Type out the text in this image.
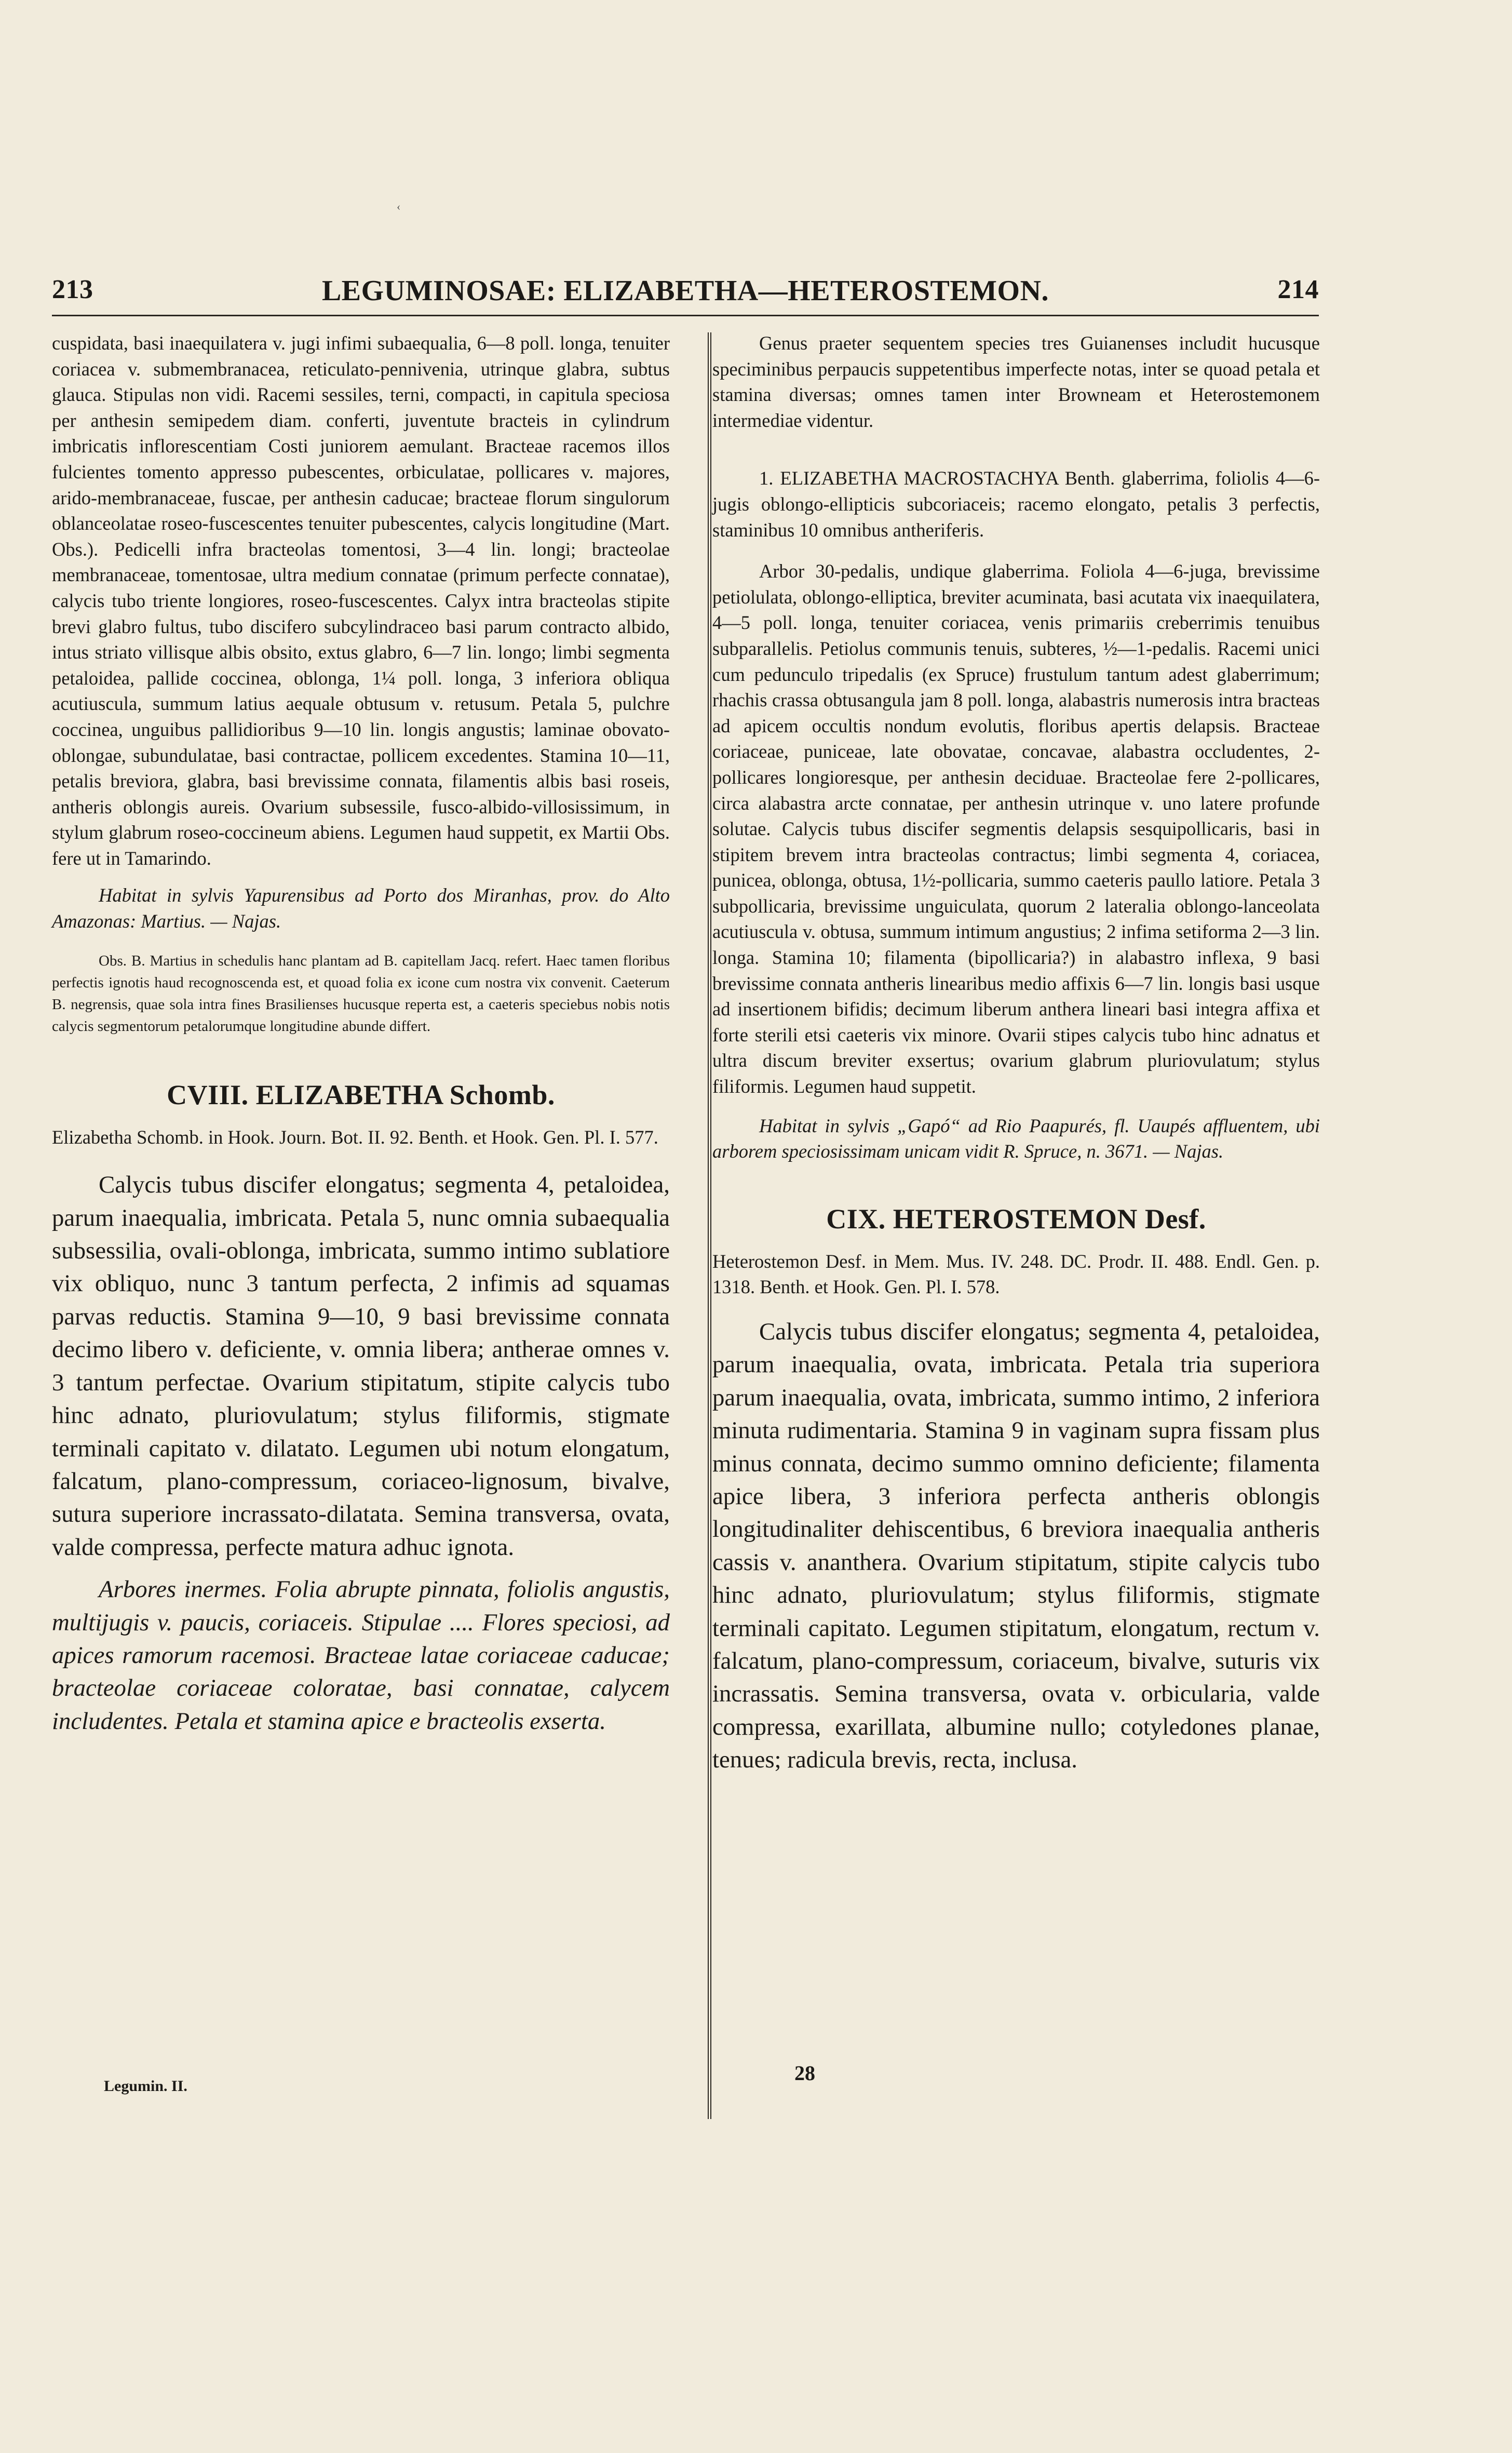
‹
213	LEGUMINOSAE: ELIZABETHA—HETEROSTEMON.	214

cuspidata, basi inaequilatera v. jugi infimi subaequalia, 6—8 poll. longa, tenuiter coriacea v. submembranacea, reticulato-pennivenia, utrinque glabra, subtus glauca. Stipulas non vidi. Racemi sessiles, terni, compacti, in capitula speciosa per anthesin semipedem diam. conferti, juventute bracteis in cylindrum imbricatis inflorescentiam Costi juniorem aemulant. Bracteae racemos illos fulcientes tomento appresso pubescentes, orbiculatae, pollicares v. majores, arido-membranaceae, fuscae, per anthesin caducae; bracteae florum singulorum oblanceolatae roseo-fuscescentes tenuiter pubescentes, calycis longitudine (Mart. Obs.). Pedicelli infra bracteolas tomentosi, 3—4 lin. longi; bracteolae membranaceae, tomentosae, ultra medium connatae (primum perfecte connatae), calycis tubo triente longiores, roseo-fuscescentes. Calyx intra bracteolas stipite brevi glabro fultus, tubo discifero subcylindraceo basi parum contracto albido, intus striato villisque albis obsito, extus glabro, 6—7 lin. longo; limbi segmenta petaloidea, pallide coccinea, oblonga, 1¼ poll. longa, 3 inferiora obliqua acutiuscula, summum latius aequale obtusum v. retusum. Petala 5, pulchre coccinea, unguibus pallidioribus 9—10 lin. longis angustis; laminae obovato-oblongae, subundulatae, basi contractae, pollicem excedentes. Stamina 10—11, petalis breviora, glabra, basi brevissime connata, filamentis albis basi roseis, antheris oblongis aureis. Ovarium subsessile, fusco-albido-villosissimum, in stylum glabrum roseo-coccineum abiens. Legumen haud suppetit, ex Martii Obs. fere ut in Tamarindo.

Habitat in sylvis Yapurensibus ad Porto dos Miranhas, prov. do Alto Amazonas: Martius. — Najas.

Obs. B. Martius in schedulis hanc plantam ad B. capitellam Jacq. refert. Haec tamen floribus perfectis ignotis haud recognoscenda est, et quoad folia ex icone cum nostra vix convenit. Caeterum B. negrensis, quae sola intra fines Brasilienses hucusque reperta est, a caeteris speciebus nobis notis calycis segmentorum petalorumque longitudine abunde differt.

CVIII. ELIZABETHA Schomb.

Elizabetha Schomb. in Hook. Journ. Bot. II. 92. Benth. et Hook. Gen. Pl. I. 577.

Calycis tubus discifer elongatus; segmenta 4, petaloidea, parum inaequalia, imbricata. Petala 5, nunc omnia subaequalia subsessilia, ovali-oblonga, imbricata, summo intimo sublatiore vix obliquo, nunc 3 tantum perfecta, 2 infimis ad squamas parvas reductis. Stamina 9—10, 9 basi brevissime connata decimo libero v. deficiente, v. omnia libera; antherae omnes v. 3 tantum perfectae. Ovarium stipitatum, stipite calycis tubo hinc adnato, pluriovulatum; stylus filiformis, stigmate terminali capitato v. dilatato. Legumen ubi notum elongatum, falcatum, plano-compressum, coriaceo-lignosum, bivalve, sutura superiore incrassato-dilatata. Semina transversa, ovata, valde compressa, perfecte matura adhuc ignota.

Arbores inermes. Folia abrupte pinnata, foliolis angustis, multijugis v. paucis, coriaceis. Stipulae .... Flores speciosi, ad apices ramorum racemosi. Bracteae latae coriaceae caducae; bracteolae coriaceae coloratae, basi connatae, calycem includentes. Petala et stamina apice e bracteolis exserta.

Genus praeter sequentem species tres Guianenses includit hucusque speciminibus perpaucis suppetentibus imperfecte notas, inter se quoad petala et stamina diversas; omnes tamen inter Browneam et Heterostemonem intermediae videntur.

1. ELIZABETHA MACROSTACHYA Benth. glaberrima, foliolis 4—6-jugis oblongo-ellipticis subcoriaceis; racemo elongato, petalis 3 perfectis, staminibus 10 omnibus antheriferis.

Arbor 30-pedalis, undique glaberrima. Foliola 4—6-juga, brevissime petiolulata, oblongo-elliptica, breviter acuminata, basi acutata vix inaequilatera, 4—5 poll. longa, tenuiter coriacea, venis primariis creberrimis tenuibus subparallelis. Petiolus communis tenuis, subteres, ½—1-pedalis. Racemi unici cum pedunculo tripedalis (ex Spruce) frustulum tantum adest glaberrimum; rhachis crassa obtusangula jam 8 poll. longa, alabastris numerosis intra bracteas ad apicem occultis nondum evolutis, floribus apertis delapsis. Bracteae coriaceae, puniceae, late obovatae, concavae, alabastra occludentes, 2-pollicares longioresque, per anthesin deciduae. Bracteolae fere 2-pollicares, circa alabastra arcte connatae, per anthesin utrinque v. uno latere profunde solutae. Calycis tubus discifer segmentis delapsis sesquipollicaris, basi in stipitem brevem intra bracteolas contractus; limbi segmenta 4, coriacea, punicea, oblonga, obtusa, 1½-pollicaria, summo caeteris paullo latiore. Petala 3 subpollicaria, brevissime unguiculata, quorum 2 lateralia oblongo-lanceolata acutiuscula v. obtusa, summum intimum angustius; 2 infima setiforma 2—3 lin. longa. Stamina 10; filamenta (bipollicaria?) in alabastro inflexa, 9 basi brevissime connata antheris linearibus medio affixis 6—7 lin. longis basi usque ad insertionem bifidis; decimum liberum anthera lineari basi integra affixa et forte sterili etsi caeteris vix minore. Ovarii stipes calycis tubo hinc adnatus et ultra discum breviter exsertus; ovarium glabrum pluriovulatum; stylus filiformis. Legumen haud suppetit.

Habitat in sylvis „Gapó“ ad Rio Paapurés, fl. Uaupés affluentem, ubi arborem speciosissimam unicam vidit R. Spruce, n. 3671. — Najas.

CIX. HETEROSTEMON Desf.

Heterostemon Desf. in Mem. Mus. IV. 248. DC. Prodr. II. 488. Endl. Gen. p. 1318. Benth. et Hook. Gen. Pl. I. 578.

Calycis tubus discifer elongatus; segmenta 4, petaloidea, parum inaequalia, ovata, imbricata. Petala tria superiora parum inaequalia, ovata, imbricata, summo intimo, 2 inferiora minuta rudimentaria. Stamina 9 in vaginam supra fissam plus minus connata, decimo summo omnino deficiente; filamenta apice libera, 3 inferiora perfecta antheris oblongis longitudinaliter dehiscentibus, 6 breviora inaequalia antheris cassis v. ananthera. Ovarium stipitatum, stipite calycis tubo hinc adnato, pluriovulatum; stylus filiformis, stigmate terminali capitato. Legumen stipitatum, elongatum, rectum v. falcatum, plano-compressum, coriaceum, bivalve, suturis vix incrassatis. Semina transversa, ovata v. orbicularia, valde compressa, exarillata, albumine nullo; cotyledones planae, tenues; radicula brevis, recta, inclusa.

Legumin. II.
28
